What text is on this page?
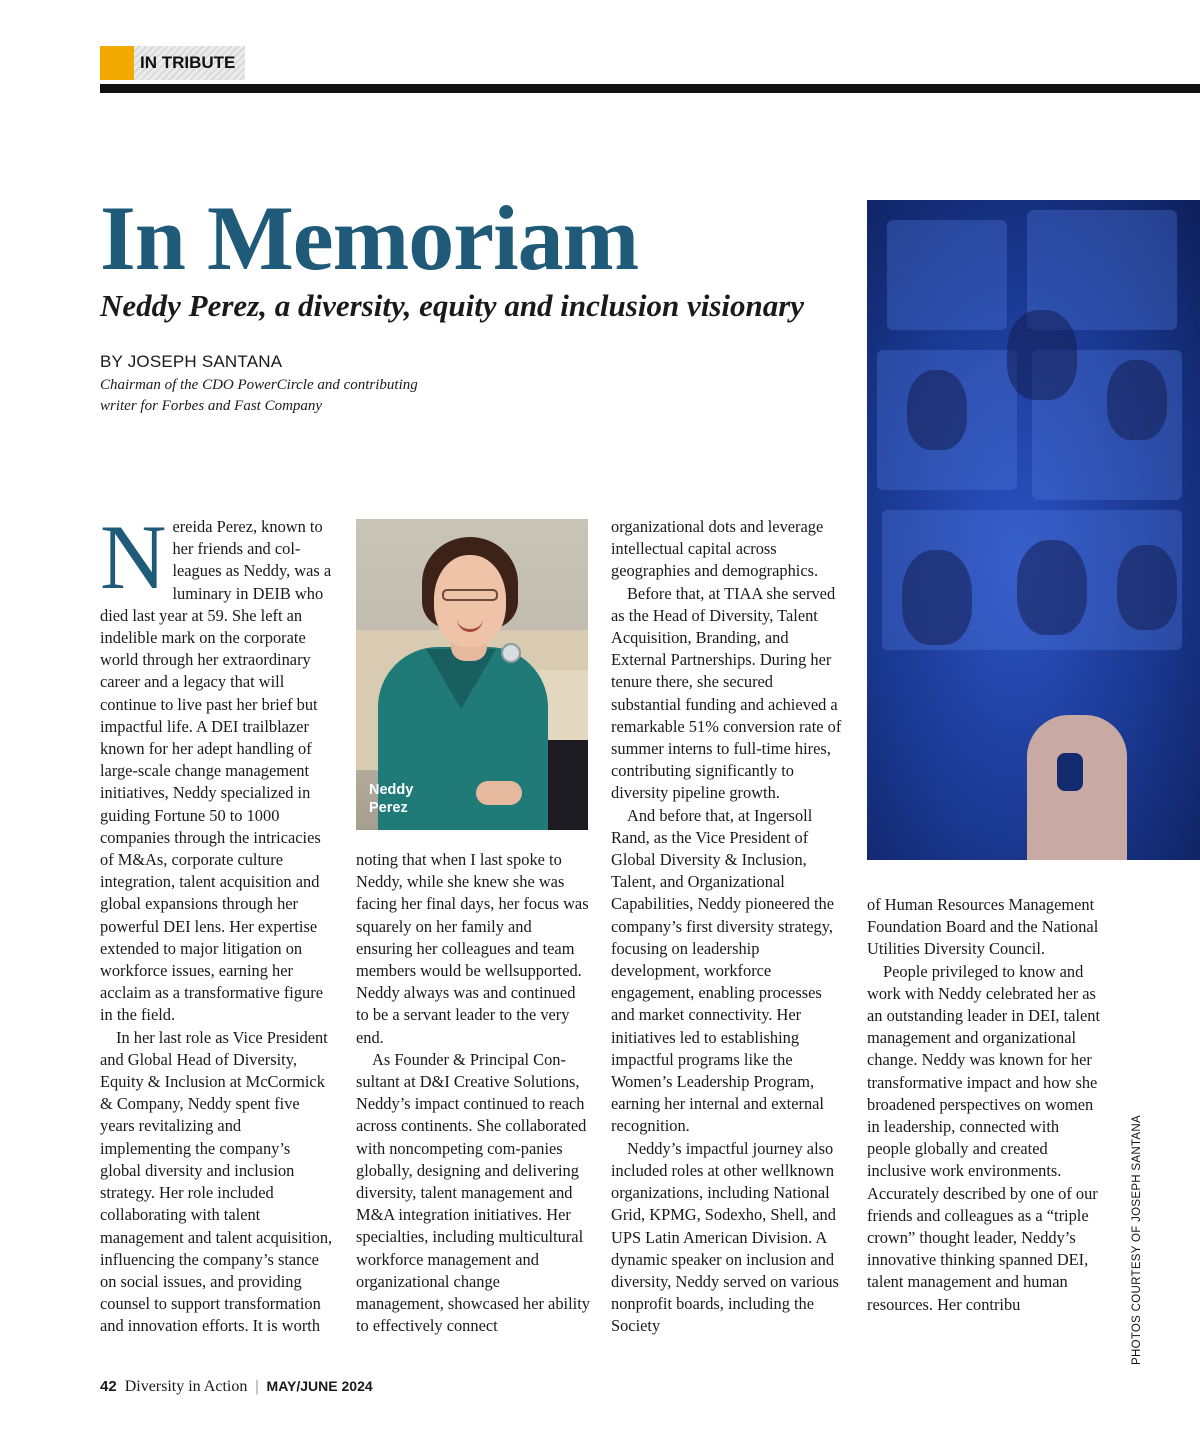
IN TRIBUTE
In Memoriam
Neddy Perez, a diversity, equity and inclusion visionary
BY JOSEPH SANTANA
Chairman of the CDO PowerCircle and contributing
writer for Forbes and Fast Company
N ereida Perez, known to her friends and colleagues as Neddy, was a luminary in DEIB who died last year at 59. She left an indelible mark on the corporate world through her extraordinary career and a legacy that will continue to live past her brief but impactful life. A DEI trailblazer known for her adept handling of large-scale change management initiatives, Neddy specialized in guiding Fortune 50 to 1000 companies through the intricacies of M&As, corporate culture integration, talent acquisition and global expansions through her powerful DEI lens. Her expertise extended to major litigation on workforce issues, earning her acclaim as a transformative figure in the field.

In her last role as Vice President and Global Head of Diversity, Equity & Inclusion at McCormick & Company, Neddy spent five years revitalizing and implementing the company’s global diversity and inclusion strategy. Her role included collaborating with talent management and talent acquisition, influencing the company’s stance on social issues, and providing counsel to support transformation and innovation efforts. It is worth

Neddy
Perez

noting that when I last spoke to Neddy, while she knew she was facing her final days, her focus was squarely on her family and ensuring her colleagues and team members would be wellsupported. Neddy always was and continued to be a servant leader to the very end.

As Founder & Principal Consultant at D&I Creative Solutions, Neddy’s impact continued to reach across continents. She collaborated with noncompeting com-panies globally, designing and delivering diversity, talent management and M&A integration initiatives. Her specialties, including multicultural workforce management and organizational change management, showcased her ability to effectively connect

organizational dots and leverage intellectual capital across geographies and demographics.

Before that, at TIAA she served as the Head of Diversity, Talent Acquisition, Branding, and External Partnerships. During her tenure there, she secured substantial funding and achieved a remarkable 51% conversion rate of summer interns to full-time hires, contributing significantly to diversity pipeline growth.

And before that, at Ingersoll Rand, as the Vice President of Global Diversity & Inclusion, Talent, and Organizational Capabilities, Neddy pioneered the company’s first diversity strategy, focusing on leadership development, workforce engagement, enabling processes and market connectivity. Her initiatives led to establishing impactful programs like the Women’s Leadership Program, earning her internal and external recognition.

Neddy’s impactful journey also included roles at other wellknown organizations, including National Grid, KPMG, Sodexho, Shell, and UPS Latin American Division. A dynamic speaker on inclusion and diversity, Neddy served on various nonprofit boards, including the Society

of Human Resources Management Foundation Board and the National Utilities Diversity Council.

People privileged to know and work with Neddy celebrated her as an outstanding leader in DEI, talent management and organizational change. Neddy was known for her transformative impact and how she broadened perspectives on women in leadership, connected with people globally and created inclusive work environments. Accurately described by one of our friends and colleagues as a “triple crown” thought leader, Neddy’s innovative thinking spanned DEI, talent management and human resources. Her contribu	PHOTOS COURTESY OF JOSEPH SANTANA
42 Diversity in Action | MAY/JUNE 2024
